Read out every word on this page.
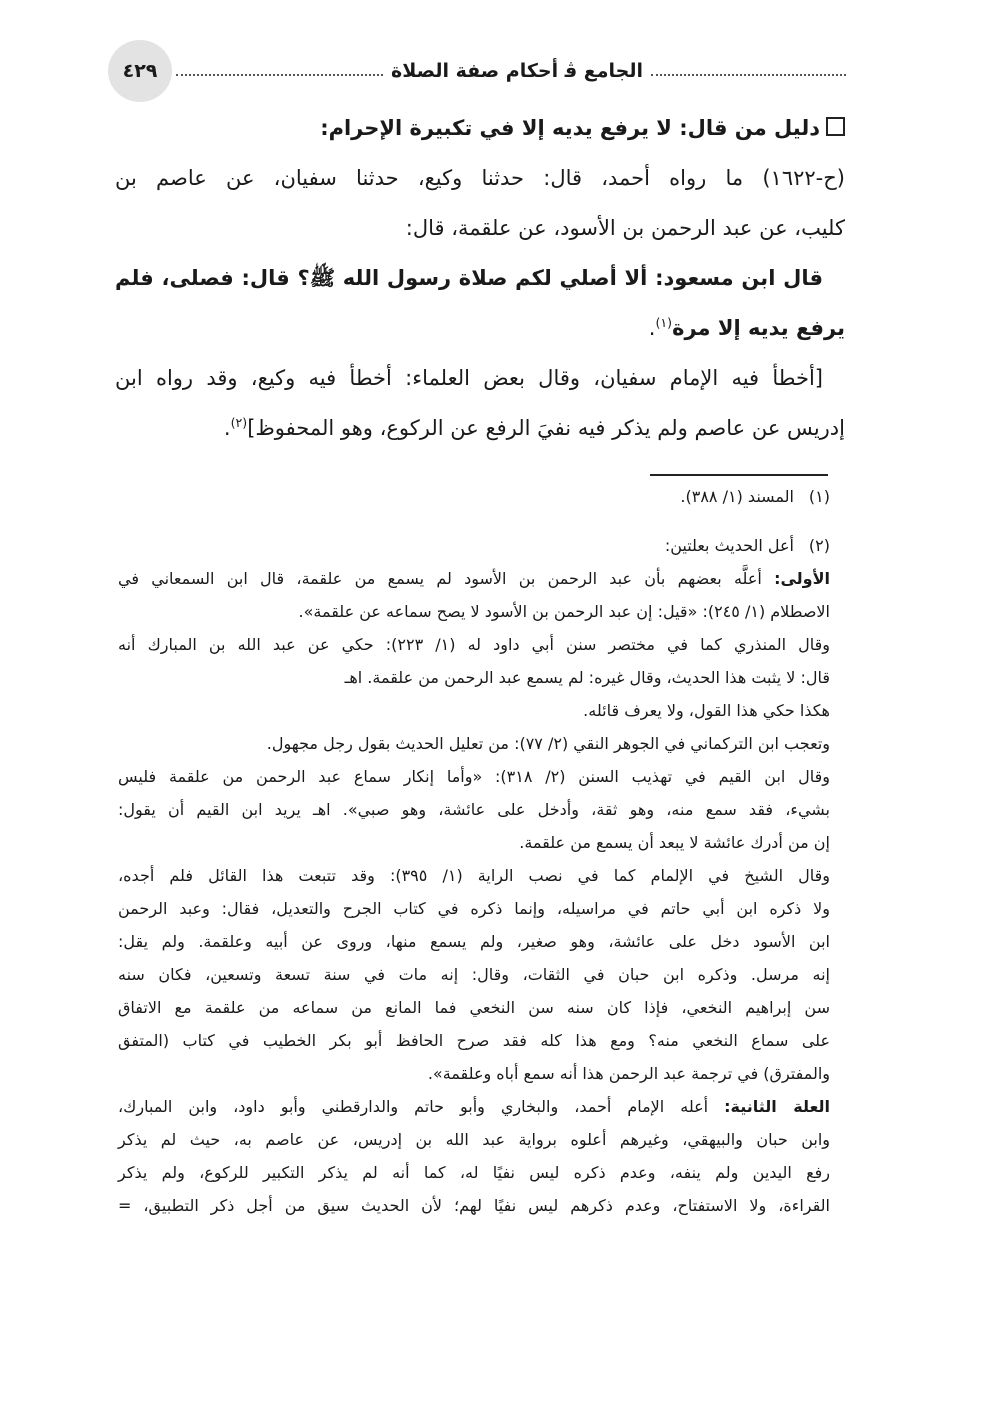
٤٢٩	الجامع ﭬ أحكام صفة الصلاة
دليل من قال: لا يرفع يديه إلا في تكبيرة الإحرام:
(ح-١٦٢٢) ما رواه أحمد، قال: حدثنا وكيع، حدثنا سفيان، عن عاصم بن
كليب، عن عبد الرحمن بن الأسود، عن علقمة، قال:
قال ابن مسعود: ألا أصلي لكم صلاة رسول الله ﷺ؟ قال: فصلى، فلم
يرفع يديه إلا مرة$^{(١)}$.
[أخطأ فيه الإمام سفيان، وقال بعض العلماء: أخطأ فيه وكيع، وقد رواه ابن
إدريس عن عاصم ولم يذكر فيه نفيَ الرفع عن الركوع، وهو المحفوظ]$^{(٢)}$.
(١)المسند (١/ ٣٨٨).
(٢)أعل الحديث بعلتين:
الأولى: أعلَّه بعضهم بأن عبد الرحمن بن الأسود لم يسمع من علقمة، قال ابن السمعاني في
الاصطلام (١/ ٢٤٥): «قيل: إن عبد الرحمن بن الأسود لا يصح سماعه عن علقمة».
وقال المنذري كما في مختصر سنن أبي داود له (١/ ٢٢٣): حكي عن عبد الله بن المبارك أنه
قال: لا يثبت هذا الحديث، وقال غيره: لم يسمع عبد الرحمن من علقمة. اهـ
هكذا حكي هذا القول، ولا يعرف قائله.
وتعجب ابن التركماني في الجوهر النقي (٢/ ٧٧): من تعليل الحديث بقول رجل مجهول.
وقال ابن القيم في تهذيب السنن (٢/ ٣١٨): «وأما إنكار سماع عبد الرحمن من علقمة فليس
بشيء، فقد سمع منه، وهو ثقة، وأدخل على عائشة، وهو صبي». اهـ يريد ابن القيم أن يقول:
إن من أدرك عائشة لا يبعد أن يسمع من علقمة.
وقال الشيخ في الإلمام كما في نصب الراية (١/ ٣٩٥): وقد تتبعت هذا القائل فلم أجده،
ولا ذكره ابن أبي حاتم في مراسيله، وإنما ذكره في كتاب الجرح والتعديل، فقال: وعبد الرحمن
ابن الأسود دخل على عائشة، وهو صغير، ولم يسمع منها، وروى عن أبيه وعلقمة. ولم يقل:
إنه مرسل. وذكره ابن حبان في الثقات، وقال: إنه مات في سنة تسعة وتسعين، فكان سنه
سن إبراهيم النخعي، فإذا كان سنه سن النخعي فما المانع من سماعه من علقمة مع الاتفاق
على سماع النخعي منه؟ ومع هذا كله فقد صرح الحافظ أبو بكر الخطيب في كتاب (المتفق
والمفترق) في ترجمة عبد الرحمن هذا أنه سمع أباه وعلقمة».
العلة الثانية: أعله الإمام أحمد، والبخاري وأبو حاتم والدارقطني وأبو داود، وابن المبارك،
وابن حبان والبيهقي، وغيرهم أعلوه برواية عبد الله بن إدريس، عن عاصم به، حيث لم يذكر
رفع اليدين ولم ينفه، وعدم ذكره ليس نفيًا له، كما أنه لم يذكر التكبير للركوع، ولم يذكر
القراءة، ولا الاستفتاح، وعدم ذكرهم ليس نفيًا لهم؛ لأن الحديث سيق من أجل ذكر التطبيق، =
